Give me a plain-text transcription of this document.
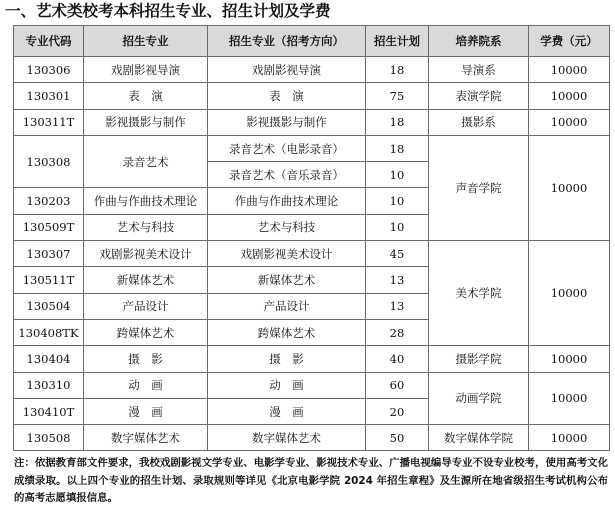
一、艺术类校考本科招生专业、招生计划及学费
专业代码	招生专业	招生专业（招考方向）	招生计划	培养院系	学费（元）
130306	戏剧影视导演	戏剧影视导演	18	导演系	10000
130301	表　演	表　演	75	表演学院	10000
130311T	影视摄影与制作	影视摄影与制作	18	摄影系	10000
130308	录音艺术	录音艺术（电影录音）	18	声音学院	10000
		录音艺术（音乐录音）	10		
130203	作曲与作曲技术理论	作曲与作曲技术理论	10		
130509T	艺术与科技	艺术与科技	10		
130307	戏剧影视美术设计	戏剧影视美术设计	45	美术学院	10000
130511T	新媒体艺术	新媒体艺术	13		
130504	产品设计	产品设计	13		
130408TK	跨媒体艺术	跨媒体艺术	28		
130404	摄　影	摄　影	40	摄影学院	10000
130310	动　画	动　画	60	动画学院	10000
130410T	漫　画	漫　画	20		
130508	数字媒体艺术	数字媒体艺术	50	数字媒体学院	10000
注：依据教育部文件要求，我校戏剧影视文学专业、电影学专业、影视技术专业、广播电视编导专业不设专业校考，使用高考文化成绩录取。以上四个专业的招生计划、录取规则等详见《北京电影学院 2024 年招生章程》及生源所在地省级招生考试机构公布的高考志愿填报信息。
